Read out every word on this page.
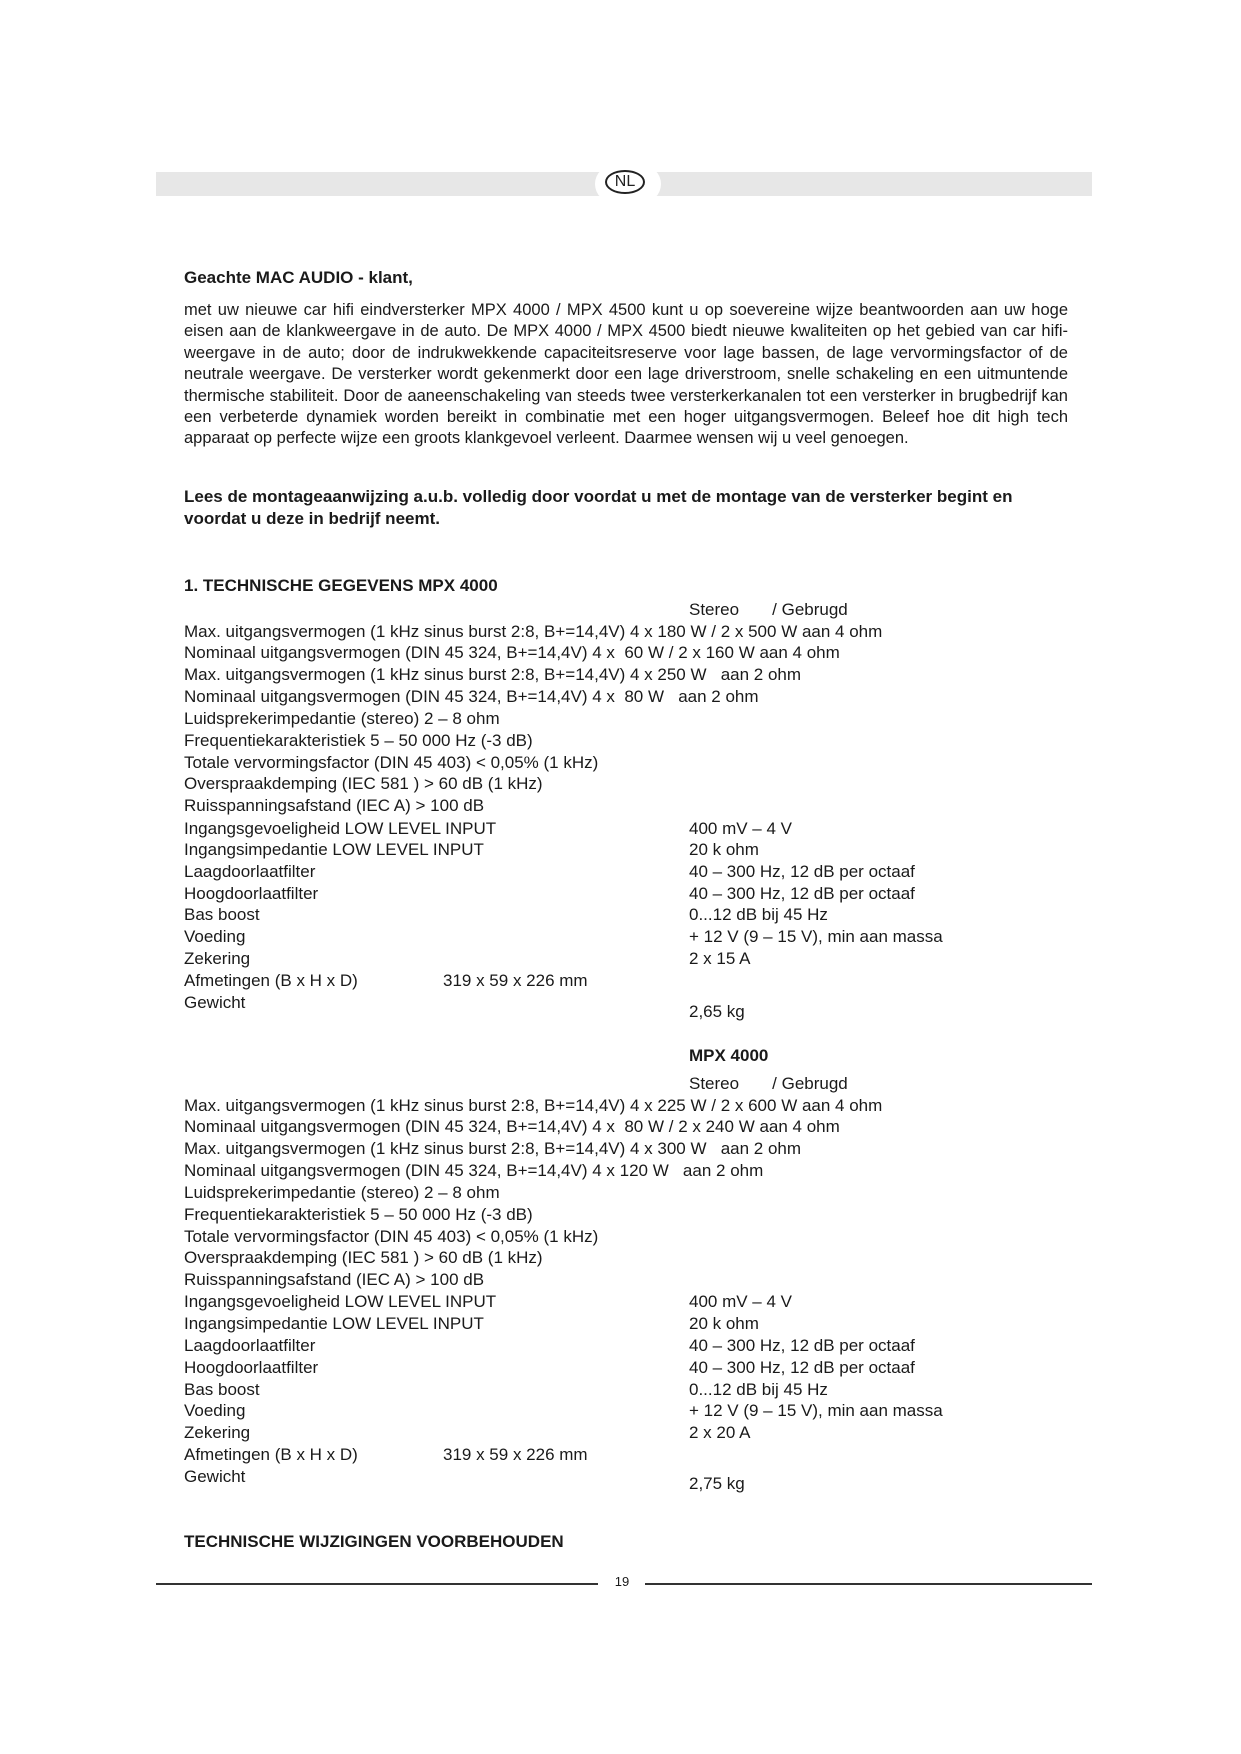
NL
Geachte MAC AUDIO - klant,
met uw nieuwe car hifi eindversterker MPX 4000 / MPX 4500 kunt u op soevereine wijze beantwoorden aan uw hoge eisen aan de klankweergave in de auto. De MPX 4000 / MPX 4500 biedt nieuwe kwaliteiten op het gebied van car hifi-weergave in de auto; door de indrukwekkende capaciteitsreserve voor lage bassen, de lage vervormingsfactor of de neutrale weergave. De versterker wordt gekenmerkt door een lage driverstroom, snelle schakeling en een uitmuntende thermische stabiliteit. Door de aaneenschakeling van steeds twee versterkerkanalen tot een versterker in brugbedrijf kan een verbeterde dynamiek worden bereikt in combinatie met een hoger uitgangsvermogen. Beleef hoe dit high tech apparaat op perfecte wijze een groots klankgevoel verleent. Daarmee wensen wij u veel genoegen.
Lees de montageaanwijzing a.u.b. volledig door voordat u met de montage van de versterker begint en voordat u deze in bedrijf neemt.
1. TECHNISCHE GEGEVENS MPX 4000
Stereo       / Gebrugd
Max. uitgangsvermogen (1 kHz sinus burst 2:8, B+=14,4V) 4 x 180 W / 2 x 500 W aan 4 ohm
Nominaal uitgangsvermogen (DIN 45 324, B+=14,4V) 4 x  60 W / 2 x 160 W aan 4 ohm
Max. uitgangsvermogen (1 kHz sinus burst 2:8, B+=14,4V) 4 x 250 W   aan 2 ohm
Nominaal uitgangsvermogen (DIN 45 324, B+=14,4V) 4 x  80 W   aan 2 ohm
Luidsprekerimpedantie (stereo) 2 – 8 ohm
Frequentiekarakteristiek 5 – 50 000 Hz (-3 dB)
Totale vervormingsfactor (DIN 45 403) < 0,05% (1 kHz)
Overspraakdemping (IEC 581 ) > 60 dB (1 kHz)
Ruisspanningsafstand (IEC A) > 100 dB
Ingangsgevoeligheid LOW LEVEL INPUT	400 mV – 4 V
Ingangsimpedantie LOW LEVEL INPUT	20 k ohm
Laagdoorlaatfilter	40 – 300 Hz, 12 dB per octaaf
Hoogdoorlaatfilter	40 – 300 Hz, 12 dB per octaaf
Bas boost	0...12 dB bij 45 Hz
Voeding	+ 12 V (9 – 15 V), min aan massa
Zekering	2 x 15 A
Afmetingen (B x H x D)	319 x 59 x 226 mm
Gewicht	2,65 kg
MPX 4000
Stereo       / Gebrugd
Max. uitgangsvermogen (1 kHz sinus burst 2:8, B+=14,4V) 4 x 225 W / 2 x 600 W aan 4 ohm
Nominaal uitgangsvermogen (DIN 45 324, B+=14,4V) 4 x  80 W / 2 x 240 W aan 4 ohm
Max. uitgangsvermogen (1 kHz sinus burst 2:8, B+=14,4V) 4 x 300 W   aan 2 ohm
Nominaal uitgangsvermogen (DIN 45 324, B+=14,4V) 4 x 120 W   aan 2 ohm
Luidsprekerimpedantie (stereo) 2 – 8 ohm
Frequentiekarakteristiek 5 – 50 000 Hz (-3 dB)
Totale vervormingsfactor (DIN 45 403) < 0,05% (1 kHz)
Overspraakdemping (IEC 581 ) > 60 dB (1 kHz)
Ruisspanningsafstand (IEC A) > 100 dB
Ingangsgevoeligheid LOW LEVEL INPUT	400 mV – 4 V
Ingangsimpedantie LOW LEVEL INPUT	20 k ohm
Laagdoorlaatfilter	40 – 300 Hz, 12 dB per octaaf
Hoogdoorlaatfilter	40 – 300 Hz, 12 dB per octaaf
Bas boost	0...12 dB bij 45 Hz
Voeding	+ 12 V (9 – 15 V), min aan massa
Zekering	2 x 20 A
Afmetingen (B x H x D)	319 x 59 x 226 mm
Gewicht	2,75 kg
TECHNISCHE WIJZIGINGEN VOORBEHOUDEN
19
